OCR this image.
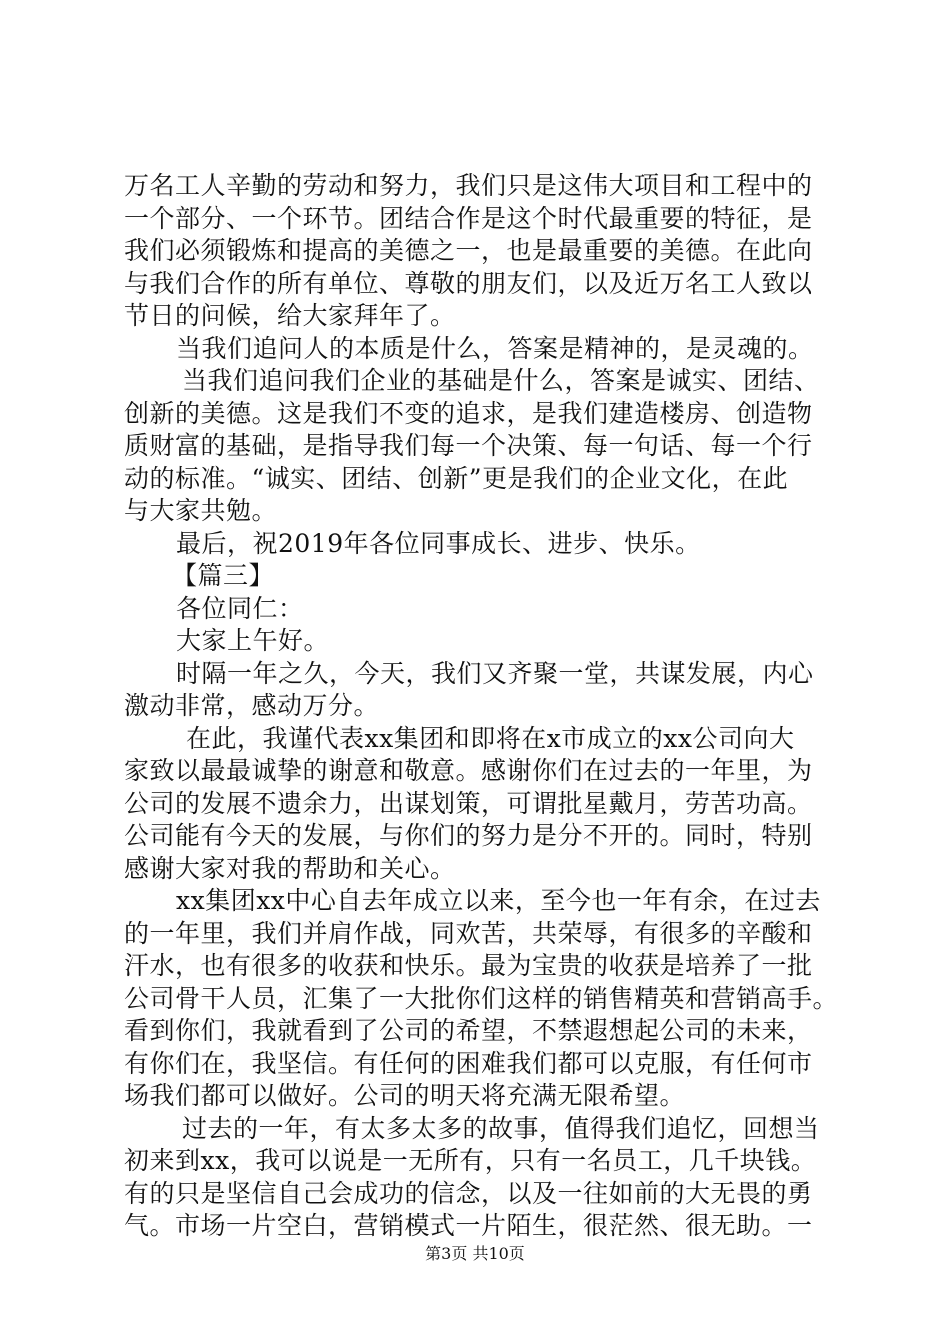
万名工人辛勤的劳动和努力，我们只是这伟大项目和工程中的
一个部分、一个环节。团结合作是这个时代最重要的特征，是
我们必须锻炼和提高的美德之一，也是最重要的美德。在此向
与我们合作的所有单位、尊敬的朋友们，以及近万名工人致以
节日的问候，给大家拜年了。
当我们追问人的本质是什么，答案是精神的，是灵魂的。
当我们追问我们企业的基础是什么，答案是诚实、团结、
创新的美德。这是我们不变的追求，是我们建造楼房、创造物
质财富的基础，是指导我们每一个决策、每一句话、每一个行
动的标准。“诚实、团结、创新”更是我们的企业文化，在此
与大家共勉。
最后，祝2019年各位同事成长、进步、快乐。
【篇三】
各位同仁：
大家上午好。
时隔一年之久，今天，我们又齐聚一堂，共谋发展，内心
激动非常，感动万分。
在此，我谨代表xx集团和即将在x市成立的xx公司向大
家致以最最诚挚的谢意和敬意。感谢你们在过去的一年里，为
公司的发展不遗余力，出谋划策，可谓批星戴月，劳苦功高。
公司能有今天的发展，与你们的努力是分不开的。同时，特别
感谢大家对我的帮助和关心。
xx集团xx中心自去年成立以来，至今也一年有余，在过去
的一年里，我们并肩作战，同欢苦，共荣辱，有很多的辛酸和
汗水，也有很多的收获和快乐。最为宝贵的收获是培养了一批
公司骨干人员，汇集了一大批你们这样的销售精英和营销高手。
看到你们，我就看到了公司的希望，不禁遐想起公司的未来，
有你们在，我坚信。有任何的困难我们都可以克服，有任何市
场我们都可以做好。公司的明天将充满无限希望。
过去的一年，有太多太多的故事，值得我们追忆，回想当
初来到xx，我可以说是一无所有，只有一名员工，几千块钱。
有的只是坚信自己会成功的信念，以及一往如前的大无畏的勇
气。市场一片空白，营销模式一片陌生，很茫然、很无助。一
第3页 共10页
